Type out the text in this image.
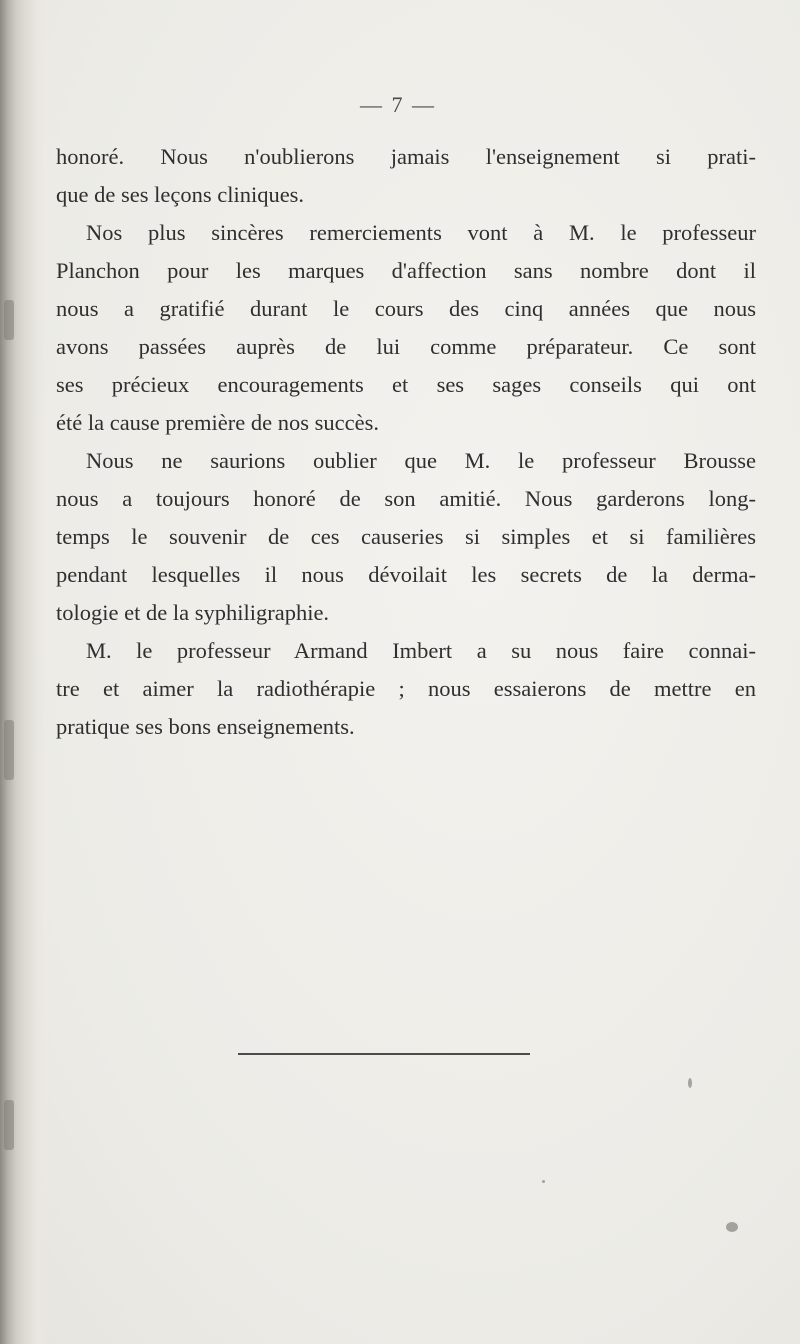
— 7 —
honoré. Nous n'oublierons jamais l'enseignement si prati-
que de ses leçons cliniques.
Nos plus sincères remerciements vont à M. le professeur
Planchon pour les marques d'affection sans nombre dont il
nous a gratifié durant le cours des cinq années que nous
avons passées auprès de lui comme préparateur. Ce sont
ses précieux encouragements et ses sages conseils qui ont
été la cause première de nos succès.
Nous ne saurions oublier que M. le professeur Brousse
nous a toujours honoré de son amitié. Nous garderons long-
temps le souvenir de ces causeries si simples et si familières
pendant lesquelles il nous dévoilait les secrets de la derma-
tologie et de la syphiligraphie.
M. le professeur Armand Imbert a su nous faire connai-
tre et aimer la radiothérapie ; nous essaierons de mettre en
pratique ses bons enseignements.
